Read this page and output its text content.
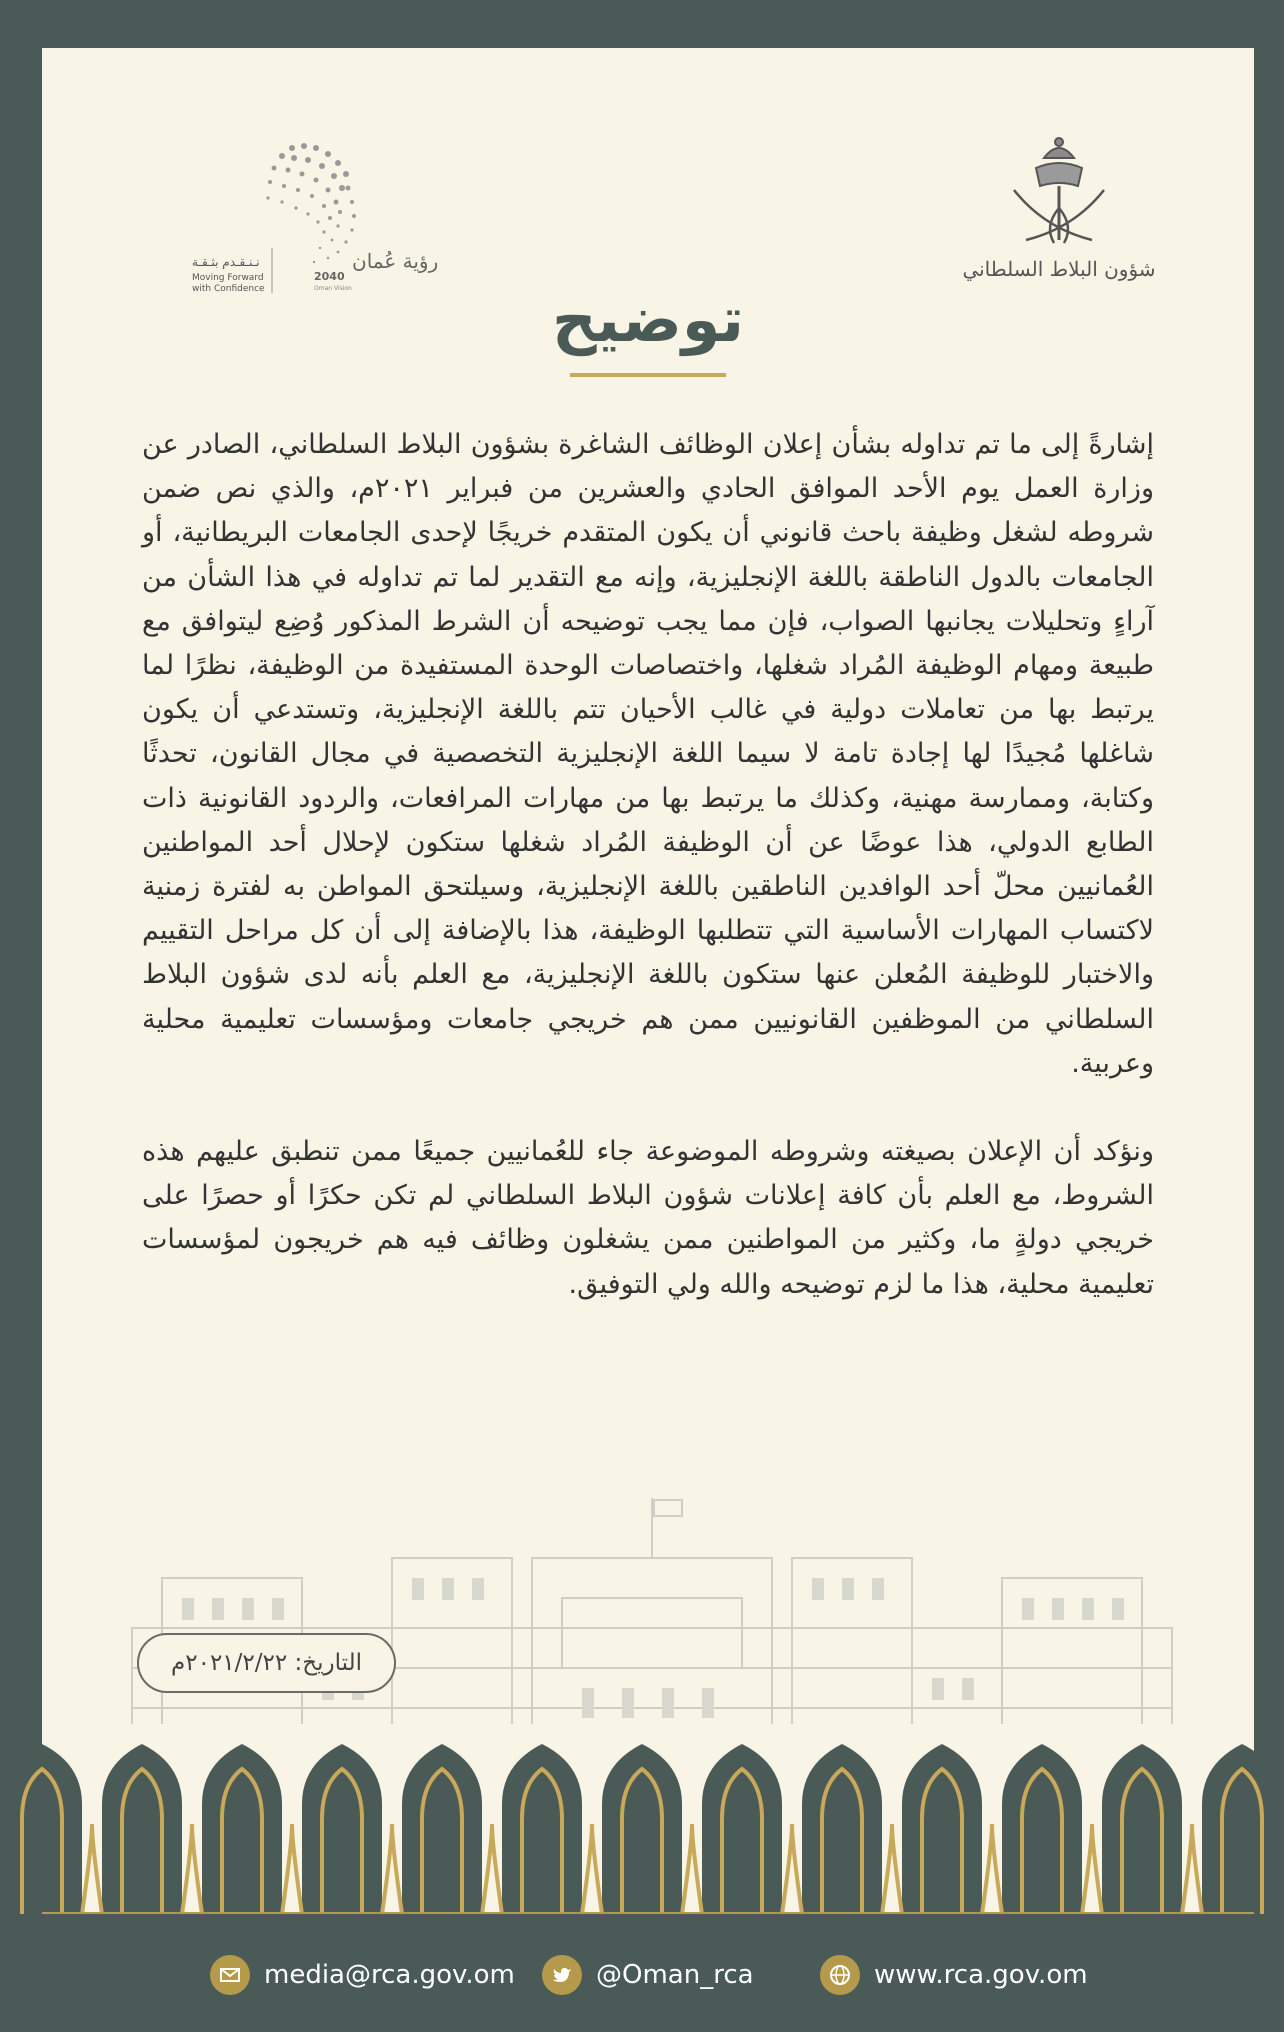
رؤية عُمان
2040
Oman Vision
نـنـقـدم بثـقـة
Moving Forward
with Confidence
شؤون البلاط السلطاني
توضيح

إشارةً إلى ما تم تداوله بشأن إعلان الوظائف الشاغرة بشؤون البلاط السلطاني، الصادر عن وزارة العمل يوم الأحد الموافق الحادي والعشرين من فبراير ٢٠٢١م، والذي نص ضمن شروطه لشغل وظيفة باحث قانوني أن يكون المتقدم خريجًا لإحدى الجامعات البريطانية، أو الجامعات بالدول الناطقة باللغة الإنجليزية، وإنه مع التقدير لما تم تداوله في هذا الشأن من آراءٍ وتحليلات يجانبها الصواب، فإن مما يجب توضيحه أن الشرط المذكور وُضِع ليتوافق مع طبيعة ومهام الوظيفة المُراد شغلها، واختصاصات الوحدة المستفيدة من الوظيفة، نظرًا لما يرتبط بها من تعاملات دولية في غالب الأحيان تتم باللغة الإنجليزية، وتستدعي أن يكون شاغلها مُجيدًا لها إجادة تامة لا سيما اللغة الإنجليزية التخصصية في مجال القانون، تحدثًا وكتابة، وممارسة مهنية، وكذلك ما يرتبط بها من مهارات المرافعات، والردود القانونية ذات الطابع الدولي، هذا عوضًا عن أن الوظيفة المُراد شغلها ستكون لإحلال أحد المواطنين العُمانيين محلّ أحد الوافدين الناطقين باللغة الإنجليزية، وسيلتحق المواطن به لفترة زمنية لاكتساب المهارات الأساسية التي تتطلبها الوظيفة، هذا بالإضافة إلى أن كل مراحل التقييم والاختبار للوظيفة المُعلن عنها ستكون باللغة الإنجليزية، مع العلم بأنه لدى شؤون البلاط السلطاني من الموظفين القانونيين ممن هم خريجي جامعات ومؤسسات تعليمية محلية وعربية.

ونؤكد أن الإعلان بصيغته وشروطه الموضوعة جاء للعُمانيين جميعًا ممن تنطبق عليهم هذه الشروط، مع العلم بأن كافة إعلانات شؤون البلاط السلطاني لم تكن حكرًا أو حصرًا على خريجي دولةٍ ما، وكثير من المواطنين ممن يشغلون وظائف فيه هم خريجون لمؤسسات تعليمية محلية، هذا ما لزم توضيحه والله ولي التوفيق.

التاريخ: ٢٠٢١/٢/٢٢م
media@rca.gov.om	@Oman_rca	www.rca.gov.om
